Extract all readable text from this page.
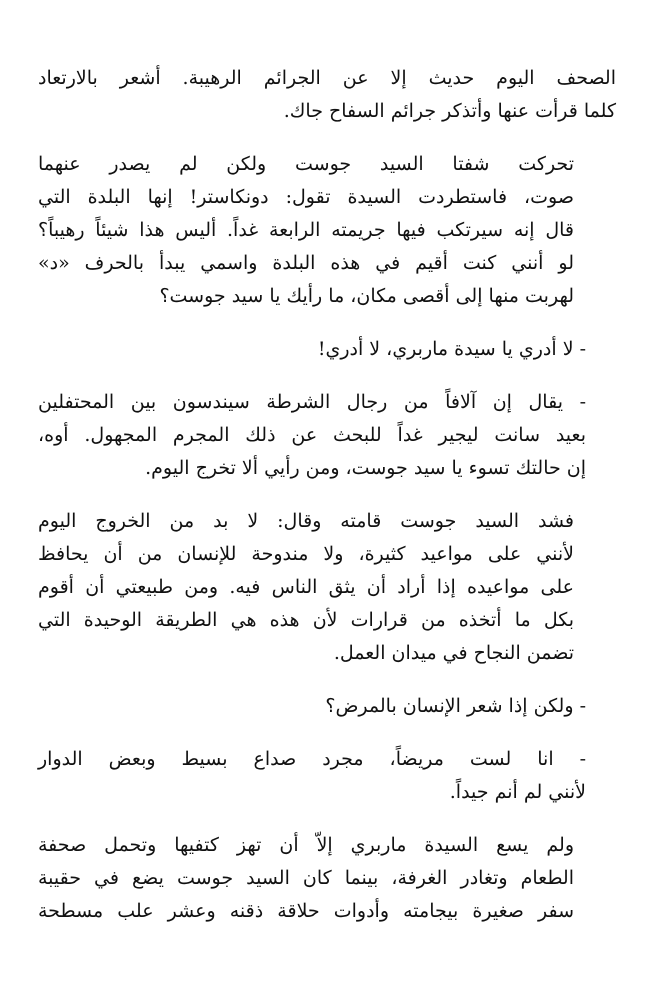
الصحف اليوم حديث إلا عن الجرائم الرهيبة. أشعر بالارتعاد
كلما قرأت عنها وأتذكر جرائم السفاح جاك.

تحركت شفتا السيد جوست ولكن لم يصدر عنهما
صوت، فاستطردت السيدة تقول: دونكاستر! إنها البلدة التي
قال إنه سيرتكب فيها جريمته الرابعة غداً. أليس هذا شيئاً رهيباً؟
لو أنني كنت أقيم في هذه البلدة واسمي يبدأ بالحرف «د»
لهربت منها إلى أقصى مكان، ما رأيك يا سيد جوست؟

- لا أدري يا سيدة ماربري، لا أدري!

- يقال إن آلافاً من رجال الشرطة سيندسون بين المحتفلين
بعيد سانت ليجير غداً للبحث عن ذلك المجرم المجهول. أوه،
إن حالتك تسوء يا سيد جوست، ومن رأيي ألا تخرج اليوم.

فشد السيد جوست قامته وقال: لا بد من الخروج اليوم
لأنني على مواعيد كثيرة، ولا مندوحة للإنسان من أن يحافظ
على مواعيده إذا أراد أن يثق الناس فيه. ومن طبيعتي أن أقوم
بكل ما أتخذه من قرارات لأن هذه هي الطريقة الوحيدة التي
تضمن النجاح في ميدان العمل.

- ولكن إذا شعر الإنسان بالمرض؟

- انا لست مريضاً، مجرد صداع بسيط وبعض الدوار
لأنني لم أنم جيداً.

ولم يسع السيدة ماربري إلاّ أن تهز كتفيها وتحمل صحفة
الطعام وتغادر الغرفة، بينما كان السيد جوست يضع في حقيبة
سفر صغيرة بيجامته وأدوات حلاقة ذقنه وعشر علب مسطحة
